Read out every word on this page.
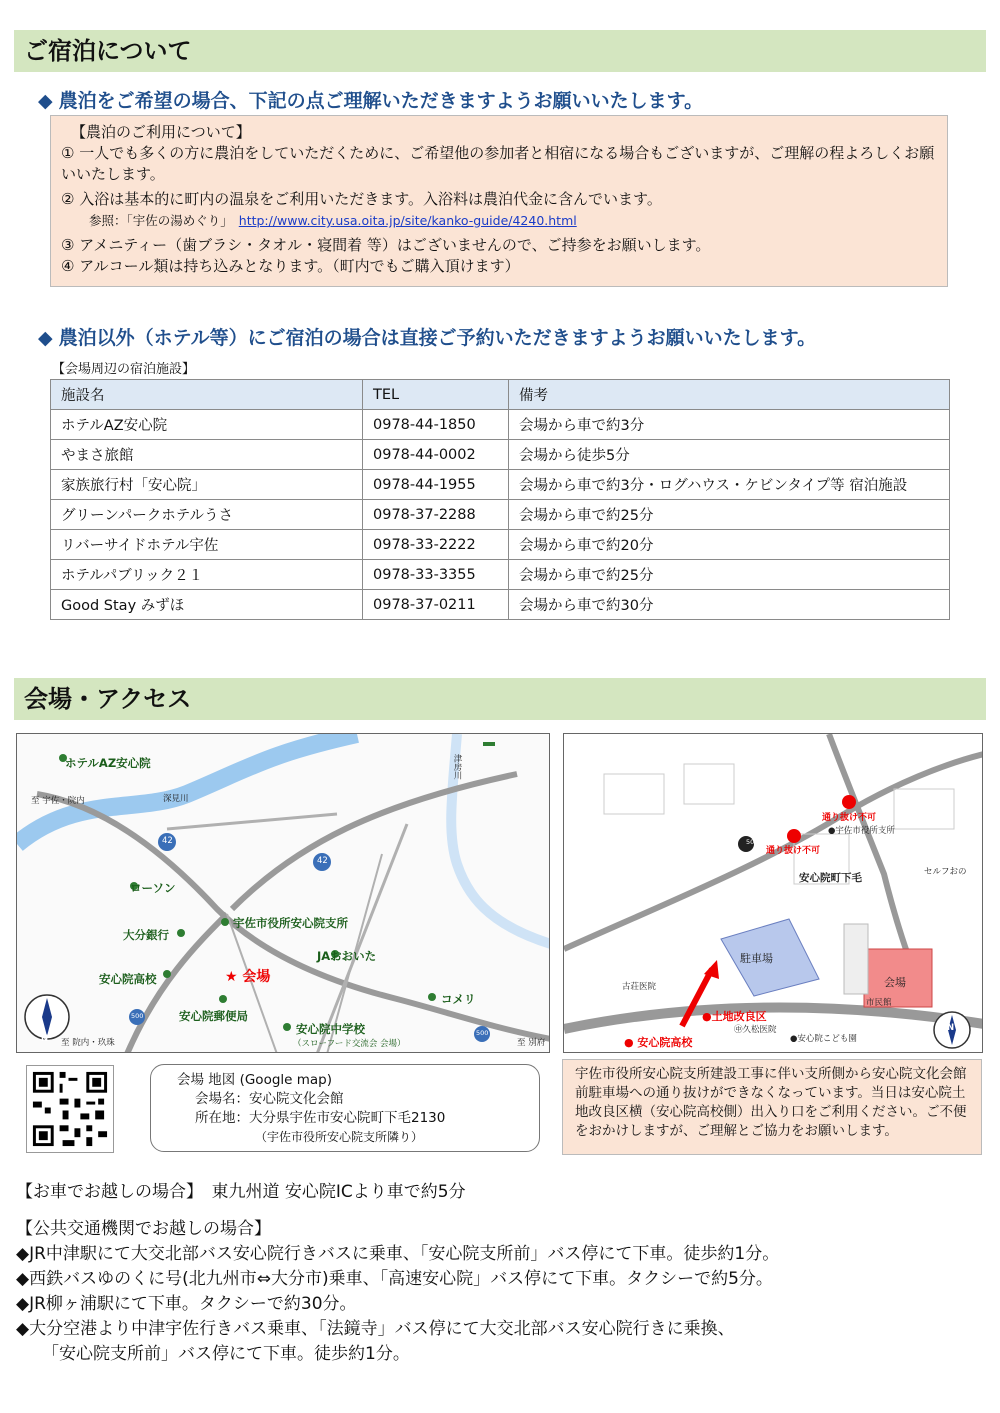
ご宿泊について
◆ 農泊をご希望の場合、下記の点ご理解いただきますようお願いいたします。
【農泊のご利用について】
① 一人でも多くの方に農泊をしていただくために、ご希望他の参加者と相宿になる場合もございますが、ご理解の程よろしくお願いいたします。
② 入浴は基本的に町内の温泉をご利用いただきます。入浴料は農泊代金に含んでいます。
参照：「宇佐の湯めぐり」 http://www.city.usa.oita.jp/site/kanko-guide/4240.html
③ アメニティー（歯ブラシ・タオル・寝間着 等）はございませんので、ご持参をお願いします。
④ アルコール類は持ち込みとなります。（町内でもご購入頂けます）
◆ 農泊以外（ホテル等）にご宿泊の場合は直接ご予約いただきますようお願いいたします。
【会場周辺の宿泊施設】
施設名	TEL	備考
ホテルAZ安心院	0978-44-1850	会場から車で約3分
やまさ旅館	0978-44-0002	会場から徒歩5分
家族旅行村「安心院」	0978-44-1955	会場から車で約3分・ログハウス・ケビンタイプ等 宿泊施設
グリーンパークホテルうさ	0978-37-2288	会場から車で約25分
リバーサイドホテル宇佐	0978-33-2222	会場から車で約20分
ホテルパブリック２１	0978-33-3355	会場から車で約25分
Good Stay みずほ	0978-37-0211	会場から車で約30分
会場・アクセス
ホテルAZ安心院
至 宇佐・院内	深見川
津房川
42
42
500
500
ローソン
大分銀行
安心院高校
安心院郵便局
宇佐市役所安心院支所
JAおおいた
コメリ
安心院中学校
（スローフード交流会 会場）
★ 会場
N 至 院内・玖珠	至 別府
通り抜け不可
通り抜け不可
●宇佐市役所支所
安心院町下毛	セルフおの
駐車場
会場
市民館
500
●土地改良区
● 安心院高校
古荘医院
㊥久松医院
●安心院こども園
N
会場 地図 (Google map)
会場名：安心院文化会館
所在地：大分県宇佐市安心院町下毛2130
（宇佐市役所安心院支所隣り）
宇佐市役所安心院支所建設工事に伴い支所側から安心院文化会館前駐車場への通り抜けができなくなっています。当日は安心院土地改良区横（安心院高校側）出入り口をご利用ください。ご不便をおかけしますが、ご理解とご協力をお願いします。

【お車でお越しの場合】　東九州道 安心院ICより車で約5分

【公共交通機関でお越しの場合】

◆JR中津駅にて大交北部バス安心院行きバスに乗車、「安心院支所前」バス停にて下車。徒歩約1分。

◆西鉄バスゆのくに号(北九州市⇔大分市)乗車、「高速安心院」バス停にて下車。タクシーで約5分。

◆JR柳ヶ浦駅にて下車。タクシーで約30分。

◆大分空港より中津宇佐行きバス乗車、「法鏡寺」バス停にて大交北部バス安心院行きに乗換、

「安心院支所前」バス停にて下車。徒歩約1分。
